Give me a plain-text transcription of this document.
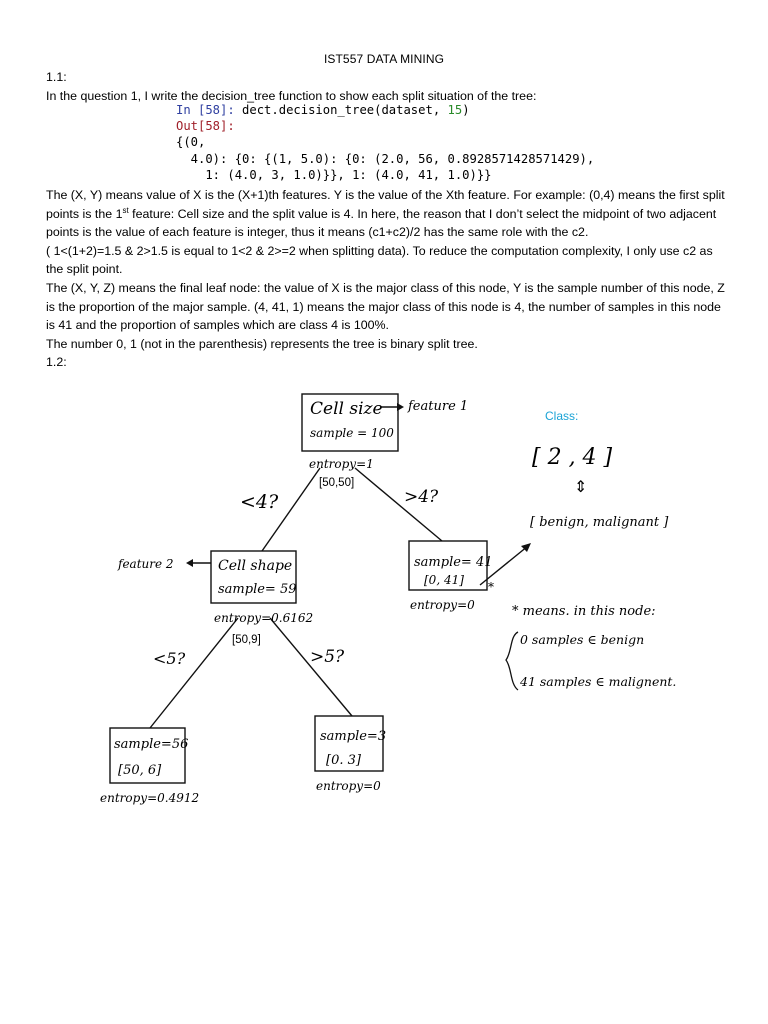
IST557 DATA MINING

1.1:

In the question 1, I write the decision_tree function to show each split situation of the tree:

In [58]: dect.decision_tree(dataset, 15)
Out[58]:
{(0,
4.0): {0: {(1, 5.0): {0: (2.0, 56, 0.8928571428571429),
1: (4.0, 3, 1.0)}}, 1: (4.0, 41, 1.0)}}

The (X, Y) means value of X is the (X+1)th features. Y is the value of the Xth feature. For example: (0,4) means the first split points is the 1st feature: Cell size and the split value is 4. In here, the reason that I don’t select the midpoint of two adjacent points is the value of each feature is integer, thus it means (c1+c2)/2 has the same role with the c2.

( 1<(1+2)=1.5 & 2>1.5 is equal to 1<2 & 2>=2 when splitting data). To reduce the computation complexity, I only use c2 as the split point.

The (X, Y, Z) means the final leaf node: the value of X is the major class of this node, Y is the sample number of this node, Z is the proportion of the major sample. (4, 41, 1) means the major class of this node is 4, the number of samples in this node is 41 and the proportion of samples which are class 4 is 100%.

The number 0, 1 (not in the parenthesis) represents the tree is binary split tree.

1.2:

Cell size
sample = 100
feature 1
entropy=1
[50,50]
<4?	>4?
Cell shape
sample= 59
feature 2
entropy=0.6162
[50,9]
sample= 41
[0, 41] *
entropy=0
<5?	>5?
sample=56
[50, 6]
entropy=0.4912
sample=3
[0. 3]
entropy=0
Class:
[ 2 , 4 ]
⇕
[ benign, malignant ]
* means. in this node:
0 samples ∈ benign
41 samples ∈ malignent.
